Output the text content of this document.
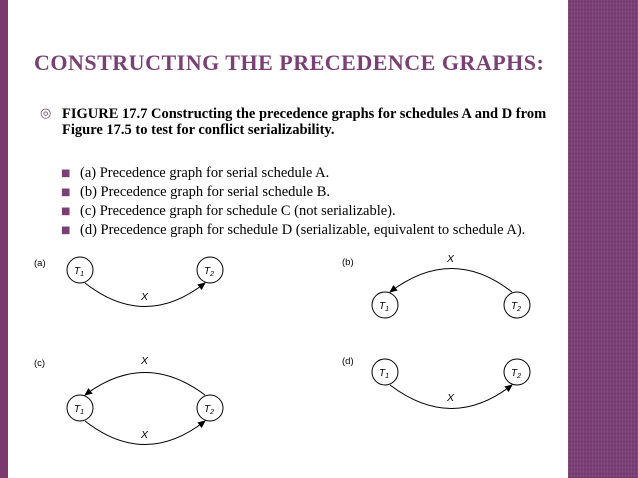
CONSTRUCTING THE PRECEDENCE GRAPHS:
◎ FIGURE 17.7 Constructing the precedence graphs for schedules A and D from Figure 17.5 to test for conflict serializability.
■ (a) Precedence graph for serial schedule A.
■ (b) Precedence graph for serial schedule B.
■ (c) Precedence graph for schedule C (not serializable).
■ (d) Precedence graph for schedule D (serializable, equivalent to schedule A).
(a)
$T_1$	$T_2$
X
(b)
$T_1$	$T_2$
X
(c)
$T_1$	$T_2$
X
X
(d)
$T_1$	$T_2$
X
